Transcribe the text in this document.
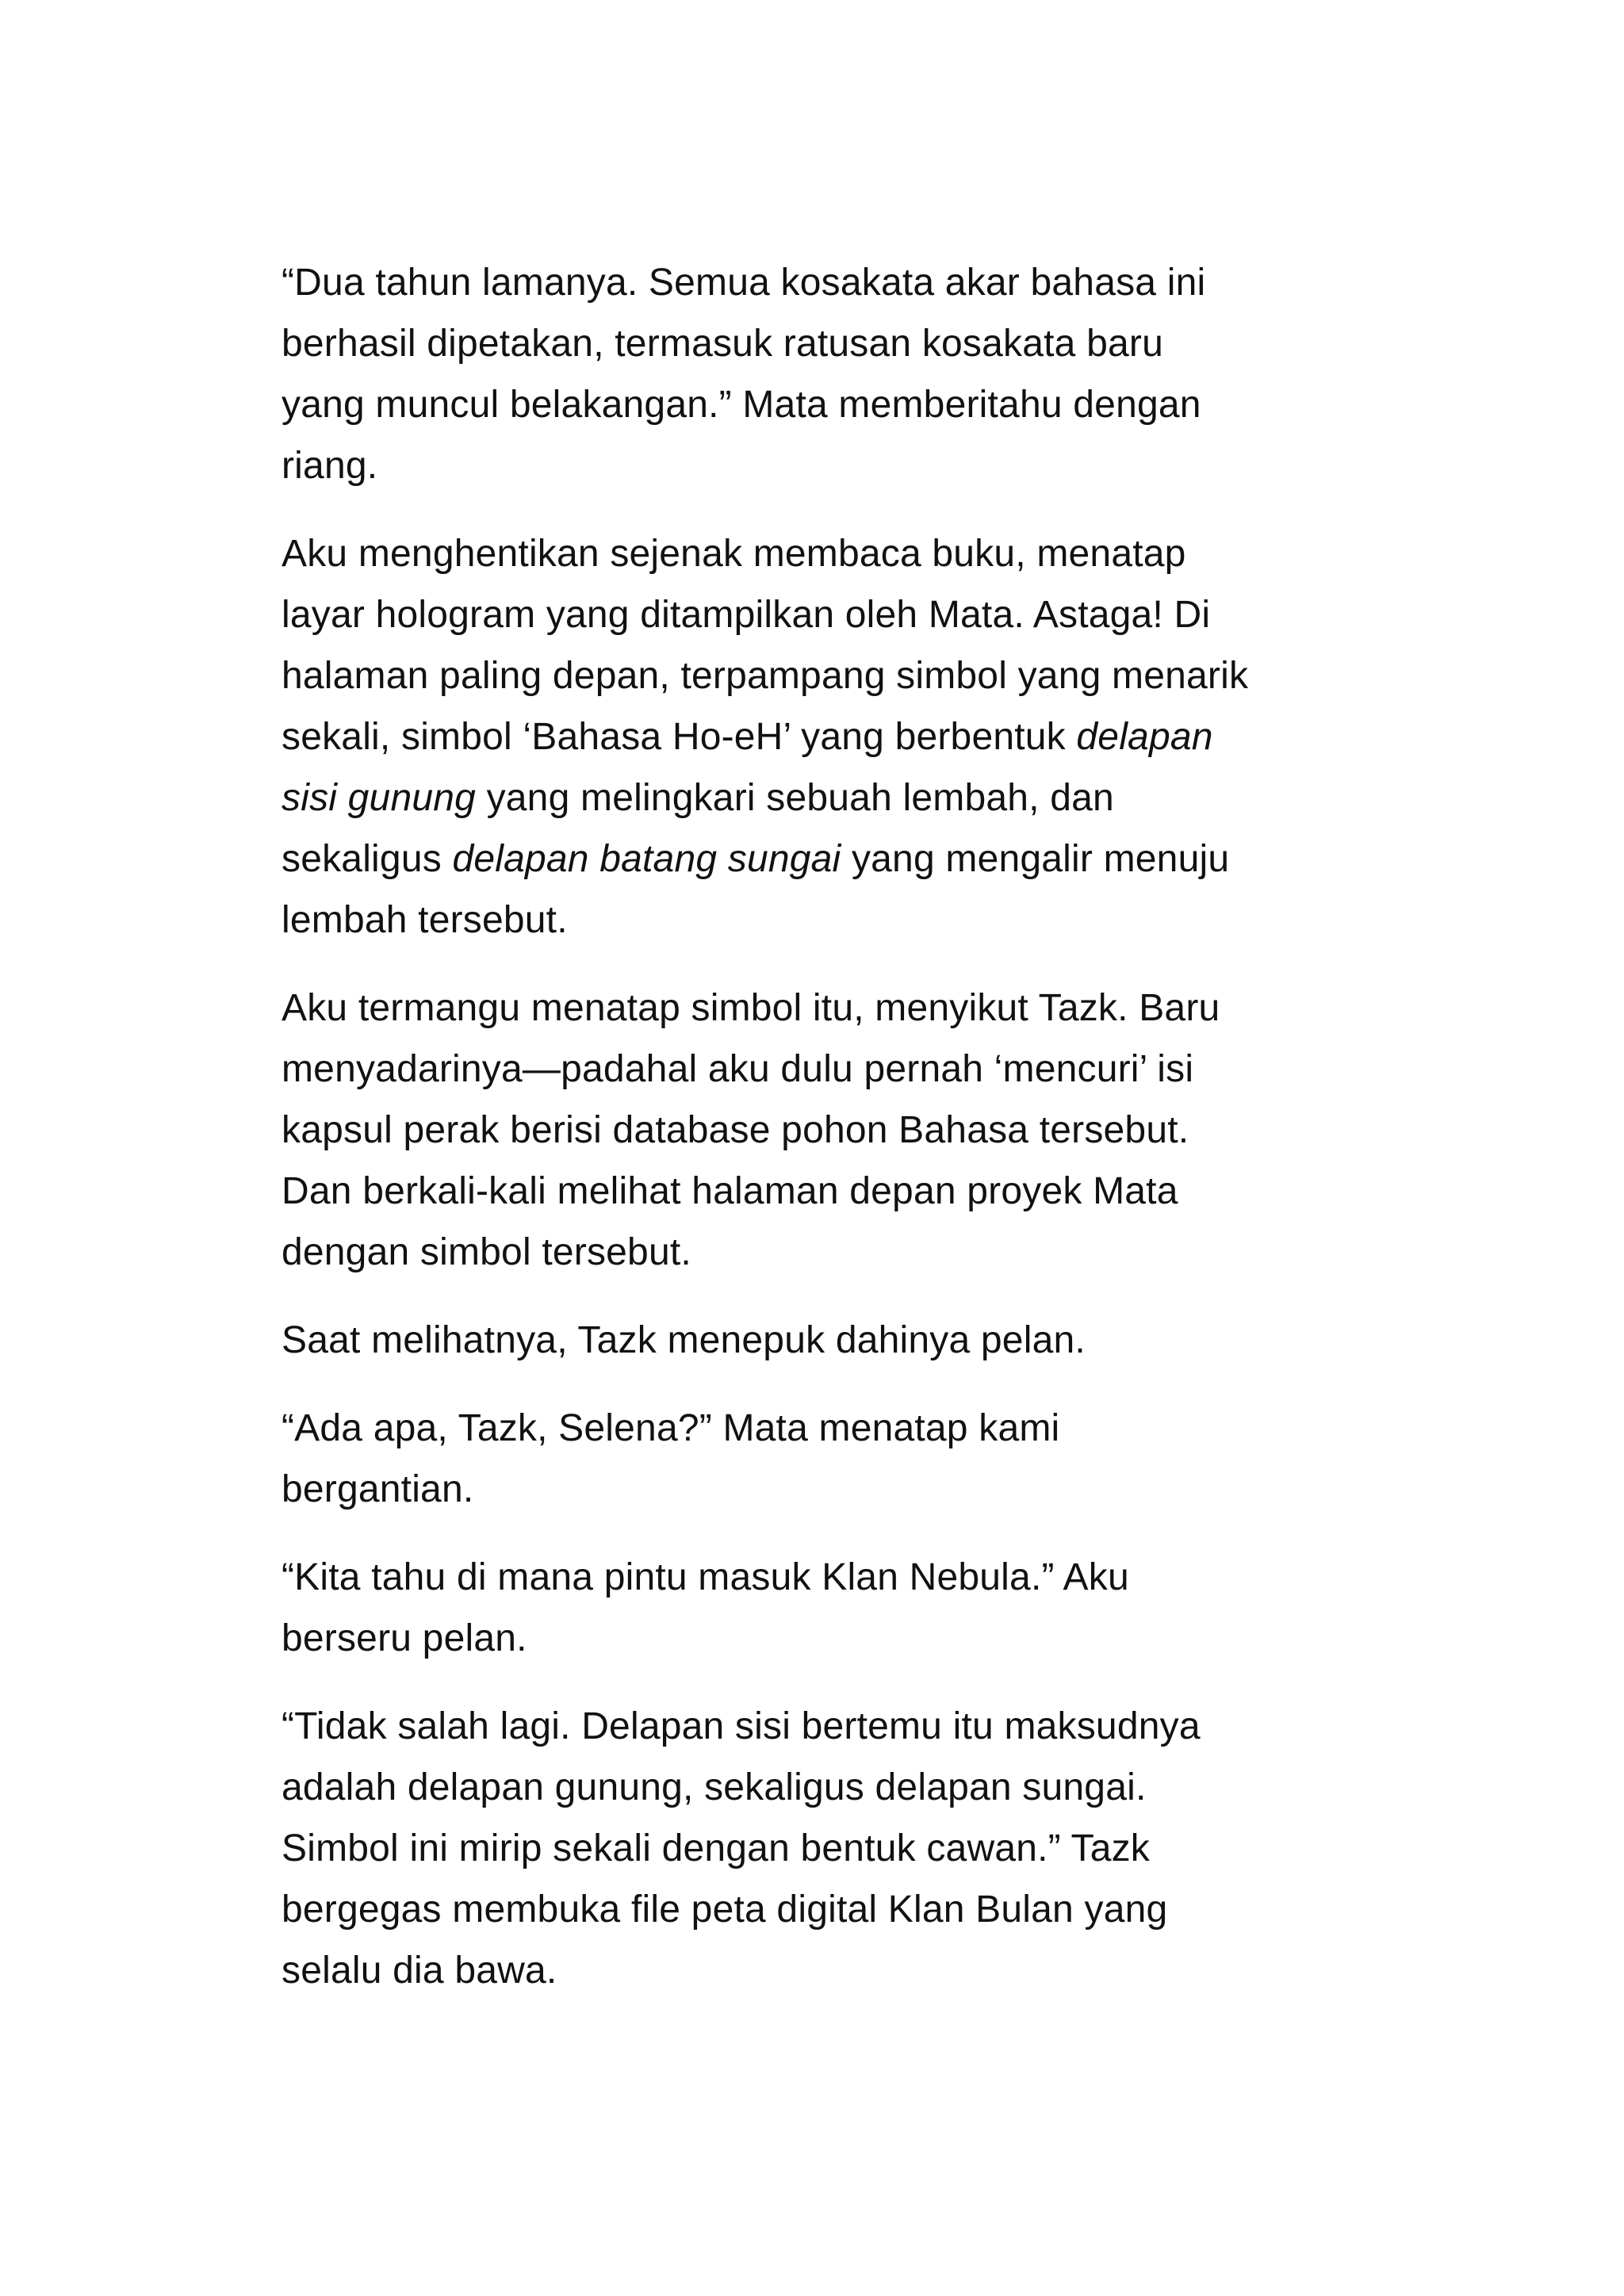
“Dua tahun lamanya. Semua kosakata akar bahasa ini
berhasil dipetakan, termasuk ratusan kosakata baru
yang muncul belakangan.” Mata memberitahu dengan
riang.

Aku menghentikan sejenak membaca buku, menatap
layar hologram yang ditampilkan oleh Mata. Astaga! Di
halaman paling depan, terpampang simbol yang menarik
sekali, simbol ‘Bahasa Ho-eH’ yang berbentuk delapan
sisi gunung yang melingkari sebuah lembah, dan
sekaligus delapan batang sungai yang mengalir menuju
lembah tersebut.

Aku termangu menatap simbol itu, menyikut Tazk. Baru
menyadarinya—padahal aku dulu pernah ‘mencuri’ isi
kapsul perak berisi database pohon Bahasa tersebut.
Dan berkali-kali melihat halaman depan proyek Mata
dengan simbol tersebut.

Saat melihatnya, Tazk menepuk dahinya pelan.

“Ada apa, Tazk, Selena?” Mata menatap kami
bergantian.

“Kita tahu di mana pintu masuk Klan Nebula.” Aku
berseru pelan.

“Tidak salah lagi. Delapan sisi bertemu itu maksudnya
adalah delapan gunung, sekaligus delapan sungai.
Simbol ini mirip sekali dengan bentuk cawan.” Tazk
bergegas membuka file peta digital Klan Bulan yang
selalu dia bawa.
